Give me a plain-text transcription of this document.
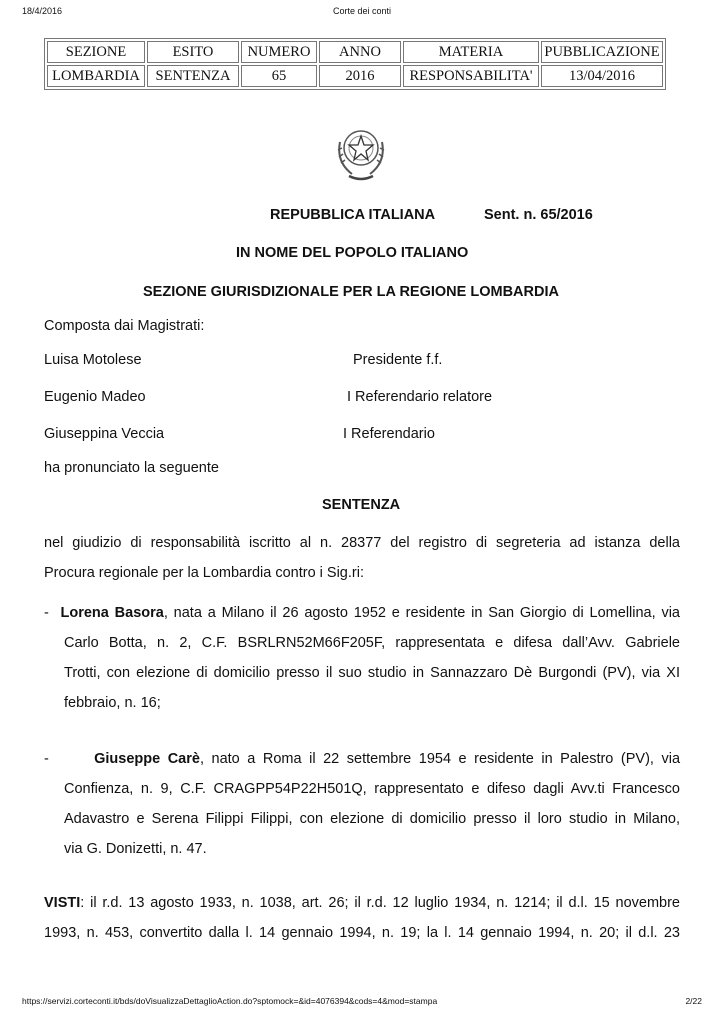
18/4/2016	Corte dei conti
SEZIONE	ESITO	NUMERO	ANNO	MATERIA	PUBBLICAZIONE
LOMBARDIA	SENTENZA	65	2016	RESPONSABILITA'	13/04/2016
REPUBBLICA ITALIANA	Sent. n. 65/2016
IN NOME DEL POPOLO ITALIANO
SEZIONE GIURISDIZIONALE PER LA REGIONE LOMBARDIA
Composta dai Magistrati:
Luisa Motolese	Presidente f.f.
Eugenio Madeo	I Referendario relatore
Giuseppina Veccia	I Referendario
ha pronunciato la seguente
SENTENZA
nel giudizio di responsabilità iscritto al n. 28377 del registro di segreteria ad istanza della
Procura regionale per la Lombardia contro i Sig.ri:
- Lorena Basora, nata a Milano il 26 agosto 1952 e residente in San Giorgio di Lomellina, via
Carlo Botta, n. 2, C.F. BSRLRN52M66F205F, rappresentata e difesa dall’Avv. Gabriele
Trotti, con elezione di domicilio presso il suo studio in Sannazzaro Dè Burgondi (PV), via XI
febbraio, n. 16;
-	Giuseppe Carè, nato a Roma il 22 settembre 1954 e residente in Palestro (PV), via
Confienza, n. 9, C.F. CRAGPP54P22H501Q, rappresentato e difeso dagli Avv.ti Francesco
Adavastro e Serena Filippi Filippi, con elezione di domicilio presso il loro studio in Milano,
via G. Donizetti, n. 47.
VISTI: il r.d. 13 agosto 1933, n. 1038, art. 26; il r.d. 12 luglio 1934, n. 1214; il d.l. 15 novembre
1993, n. 453, convertito dalla l. 14 gennaio 1994, n. 19; la l. 14 gennaio 1994, n. 20; il d.l. 23
https://servizi.corteconti.it/bds/doVisualizzaDettaglioAction.do?sptomock=&id=4076394&cods=4&mod=stampa	2/22
